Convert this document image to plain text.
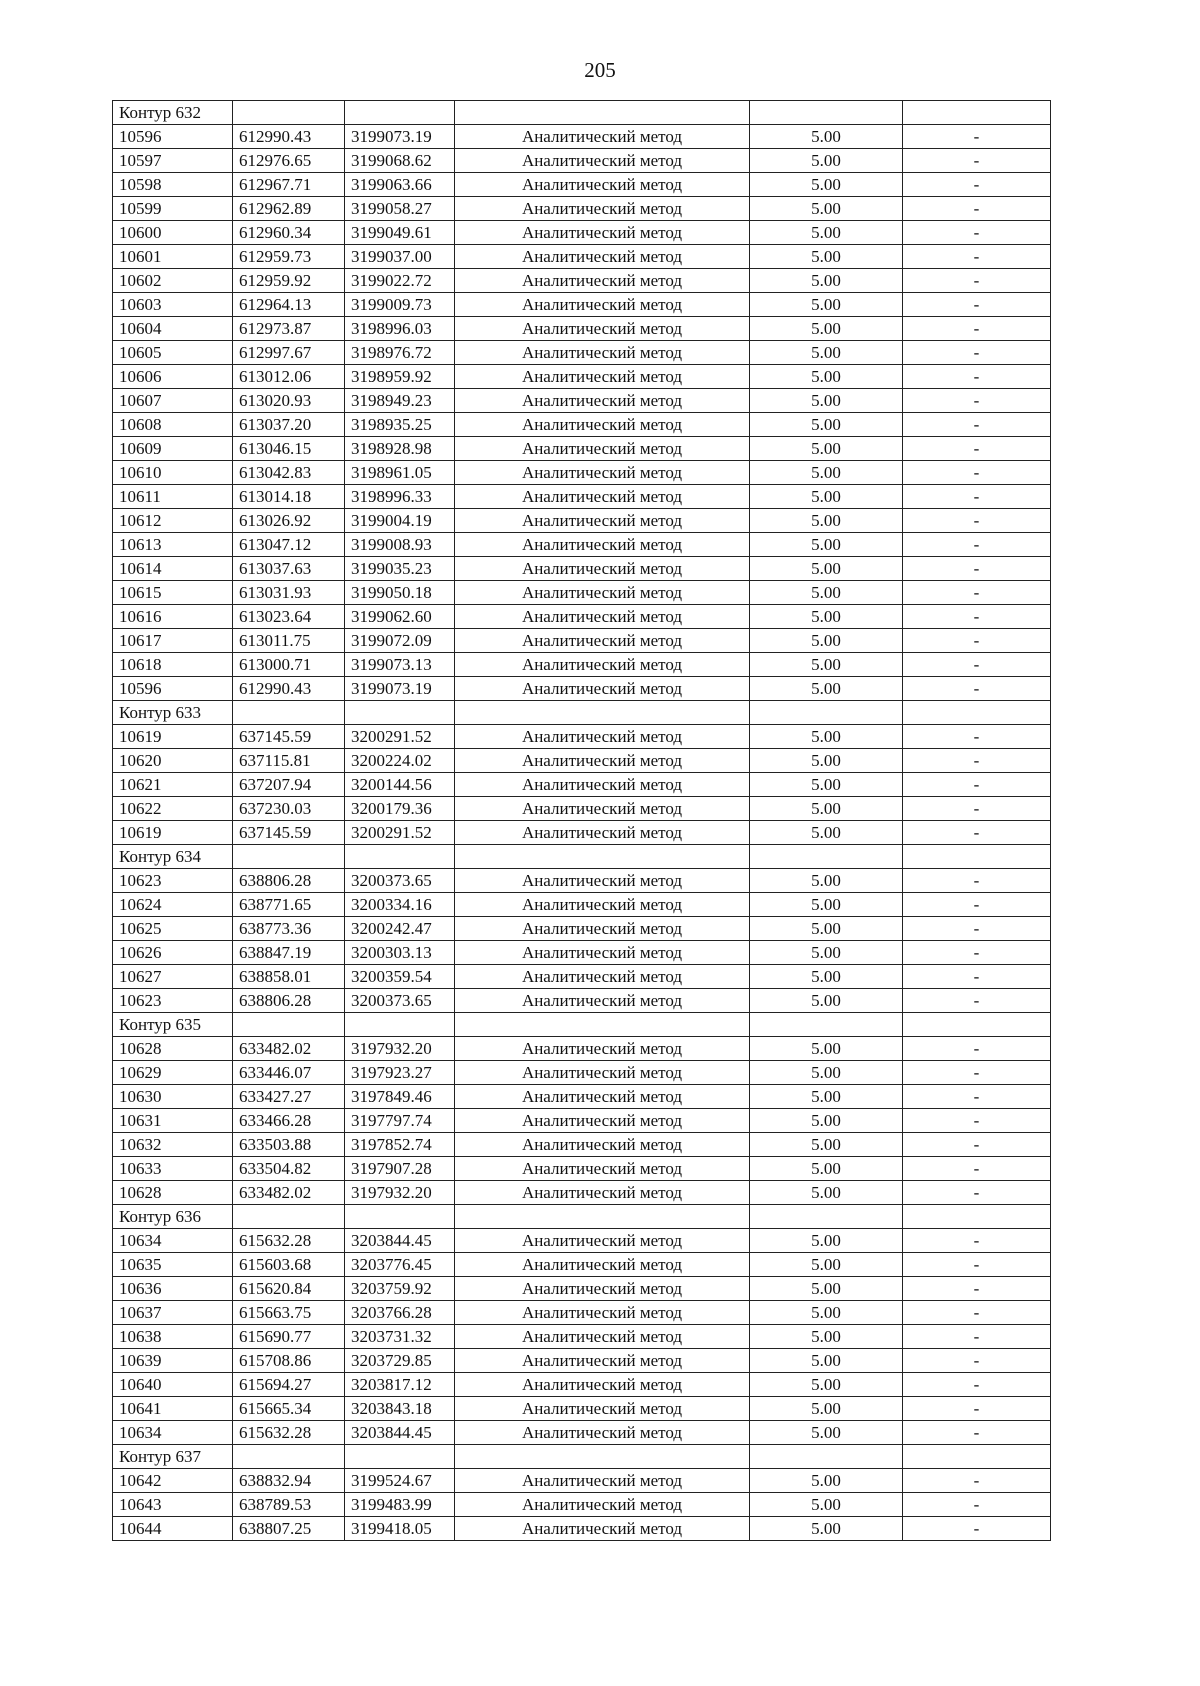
205
Контур 632					
10596	612990.43	3199073.19	Аналитический метод	5.00	-
10597	612976.65	3199068.62	Аналитический метод	5.00	-
10598	612967.71	3199063.66	Аналитический метод	5.00	-
10599	612962.89	3199058.27	Аналитический метод	5.00	-
10600	612960.34	3199049.61	Аналитический метод	5.00	-
10601	612959.73	3199037.00	Аналитический метод	5.00	-
10602	612959.92	3199022.72	Аналитический метод	5.00	-
10603	612964.13	3199009.73	Аналитический метод	5.00	-
10604	612973.87	3198996.03	Аналитический метод	5.00	-
10605	612997.67	3198976.72	Аналитический метод	5.00	-
10606	613012.06	3198959.92	Аналитический метод	5.00	-
10607	613020.93	3198949.23	Аналитический метод	5.00	-
10608	613037.20	3198935.25	Аналитический метод	5.00	-
10609	613046.15	3198928.98	Аналитический метод	5.00	-
10610	613042.83	3198961.05	Аналитический метод	5.00	-
10611	613014.18	3198996.33	Аналитический метод	5.00	-
10612	613026.92	3199004.19	Аналитический метод	5.00	-
10613	613047.12	3199008.93	Аналитический метод	5.00	-
10614	613037.63	3199035.23	Аналитический метод	5.00	-
10615	613031.93	3199050.18	Аналитический метод	5.00	-
10616	613023.64	3199062.60	Аналитический метод	5.00	-
10617	613011.75	3199072.09	Аналитический метод	5.00	-
10618	613000.71	3199073.13	Аналитический метод	5.00	-
10596	612990.43	3199073.19	Аналитический метод	5.00	-
Контур 633					
10619	637145.59	3200291.52	Аналитический метод	5.00	-
10620	637115.81	3200224.02	Аналитический метод	5.00	-
10621	637207.94	3200144.56	Аналитический метод	5.00	-
10622	637230.03	3200179.36	Аналитический метод	5.00	-
10619	637145.59	3200291.52	Аналитический метод	5.00	-
Контур 634					
10623	638806.28	3200373.65	Аналитический метод	5.00	-
10624	638771.65	3200334.16	Аналитический метод	5.00	-
10625	638773.36	3200242.47	Аналитический метод	5.00	-
10626	638847.19	3200303.13	Аналитический метод	5.00	-
10627	638858.01	3200359.54	Аналитический метод	5.00	-
10623	638806.28	3200373.65	Аналитический метод	5.00	-
Контур 635					
10628	633482.02	3197932.20	Аналитический метод	5.00	-
10629	633446.07	3197923.27	Аналитический метод	5.00	-
10630	633427.27	3197849.46	Аналитический метод	5.00	-
10631	633466.28	3197797.74	Аналитический метод	5.00	-
10632	633503.88	3197852.74	Аналитический метод	5.00	-
10633	633504.82	3197907.28	Аналитический метод	5.00	-
10628	633482.02	3197932.20	Аналитический метод	5.00	-
Контур 636					
10634	615632.28	3203844.45	Аналитический метод	5.00	-
10635	615603.68	3203776.45	Аналитический метод	5.00	-
10636	615620.84	3203759.92	Аналитический метод	5.00	-
10637	615663.75	3203766.28	Аналитический метод	5.00	-
10638	615690.77	3203731.32	Аналитический метод	5.00	-
10639	615708.86	3203729.85	Аналитический метод	5.00	-
10640	615694.27	3203817.12	Аналитический метод	5.00	-
10641	615665.34	3203843.18	Аналитический метод	5.00	-
10634	615632.28	3203844.45	Аналитический метод	5.00	-
Контур 637					
10642	638832.94	3199524.67	Аналитический метод	5.00	-
10643	638789.53	3199483.99	Аналитический метод	5.00	-
10644	638807.25	3199418.05	Аналитический метод	5.00	-
